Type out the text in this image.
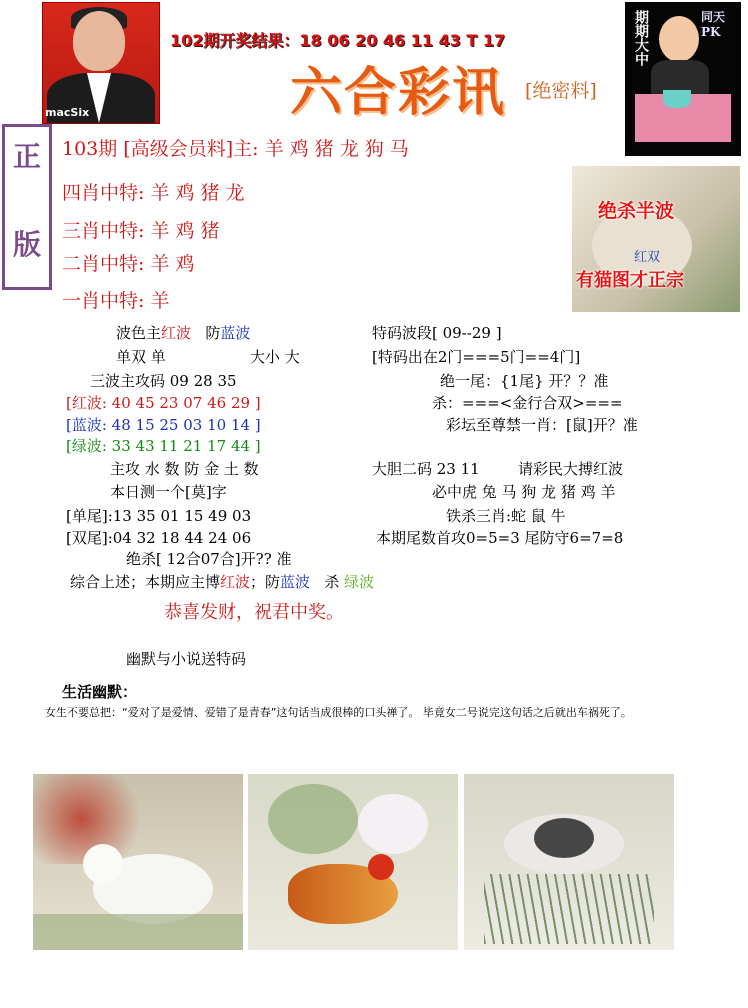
macSix
102期开奖结果：18 06 20 46 11 43 T 17
六合彩讯 [绝密料]
期期大中	同天PK
正
版
绝杀半波
红双
有猫图才正宗
103期 [高级会员料]主: 羊 鸡 猪 龙 狗 马
四肖中特: 羊 鸡 猪 龙
三肖中特: 羊 鸡 猪
二肖中特: 羊 鸡
一肖中特: 羊
波色主红波 防蓝波
单双 单	大小 大
三波主攻码 09 28 35
[红波: 40 45 23 07 46 29 ]
[蓝波: 48 15 25 03 10 14 ]
[绿波: 33 43 11 21 17 44 ]
主攻 水 数 防 金 土 数
本日测一个[莫]字
[单尾]:13 35 01 15 49 03
[双尾]:04 32 18 44 24 06
绝杀[ 12合07合]开?? 准
特码波段[ 09--29 ]
[特码出在2门===5门==4门]
绝一尾：{1尾} 开？？准
杀：===<金行合双>===
彩坛至尊禁一肖：[鼠]开？准
大胆二码 23 11	请彩民大搏红波
必中虎 兔 马 狗 龙 猪 鸡 羊
铁杀三肖:蛇 鼠 牛
本期尾数首攻0=5=3 尾防守6=7=8
综合上述；本期应主博红波；防蓝波 杀 绿波
恭喜发财，祝君中奖。
幽默与小说送特码
生活幽默：
女生不要总把：“爱对了是爱情、爱错了是青春”这句话当成很棒的口头禅了。 毕竟女二号说完这句话之后就出车祸死了。
